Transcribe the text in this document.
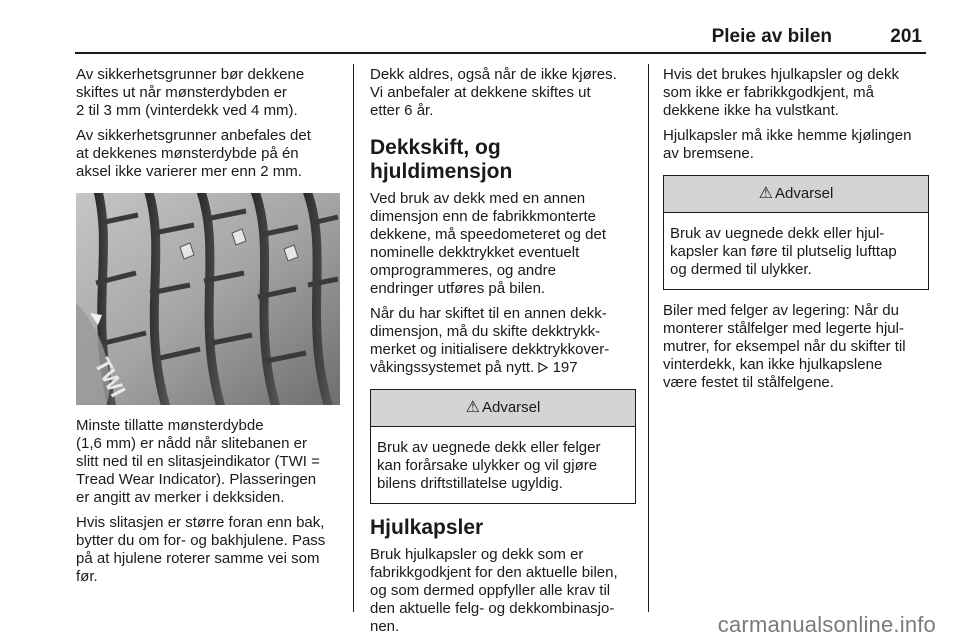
Pleie av bilen	201

Av sikkerhetsgrunner bør dekkene
skiftes ut når mønsterdybden er
2 til 3 mm (vinterdekk ved 4 mm).

Av sikkerhetsgrunner anbefales det
at dekkenes mønsterdybde på én
aksel ikke varierer mer enn 2 mm.

TWI

Minste tillatte mønsterdybde
(1,6 mm) er nådd når slitebanen er
slitt ned til en slitasjeindikator (TWI =
Tread Wear Indicator). Plasseringen
er angitt av merker i dekksiden.

Hvis slitasjen er større foran enn bak,
bytter du om for- og bakhjulene. Pass
på at hjulene roterer samme vei som
før.

Dekk aldres, også når de ikke kjøres.
Vi anbefaler at dekkene skiftes ut
etter 6 år.

Dekkskift, og hjuldimensjon

Ved bruk av dekk med en annen
dimensjon enn de fabrikkmonterte
dekkene, må speedometeret og det
nominelle dekktrykket eventuelt
omprogrammeres, og andre
endringer utføres på bilen.

Når du har skiftet til en annen dekk-
dimensjon, må du skifte dekktrykk-
merket og initialisere dekktrykkover-
våkingssystemet på nytt.  197

⚠ Advarsel
Bruk av uegnede dekk eller felger
kan forårsake ulykker og vil gjøre
bilens driftstillatelse ugyldig.
Hjulkapsler

Bruk hjulkapsler og dekk som er
fabrikkgodkjent for den aktuelle bilen,
og som dermed oppfyller alle krav til
den aktuelle felg- og dekkombinasjo-
nen.

Hvis det brukes hjulkapsler og dekk
som ikke er fabrikkgodkjent, må
dekkene ikke ha vulstkant.

Hjulkapsler må ikke hemme kjølingen
av bremsene.

⚠ Advarsel
Bruk av uegnede dekk eller hjul-
kapsler kan føre til plutselig lufttap
og dermed til ulykker.

Biler med felger av legering: Når du
monterer stålfelger med legerte hjul-
mutrer, for eksempel når du skifter til
vinterdekk, kan ikke hjulkapslene
være festet til stålfelgene.

carmanualsonline.info
